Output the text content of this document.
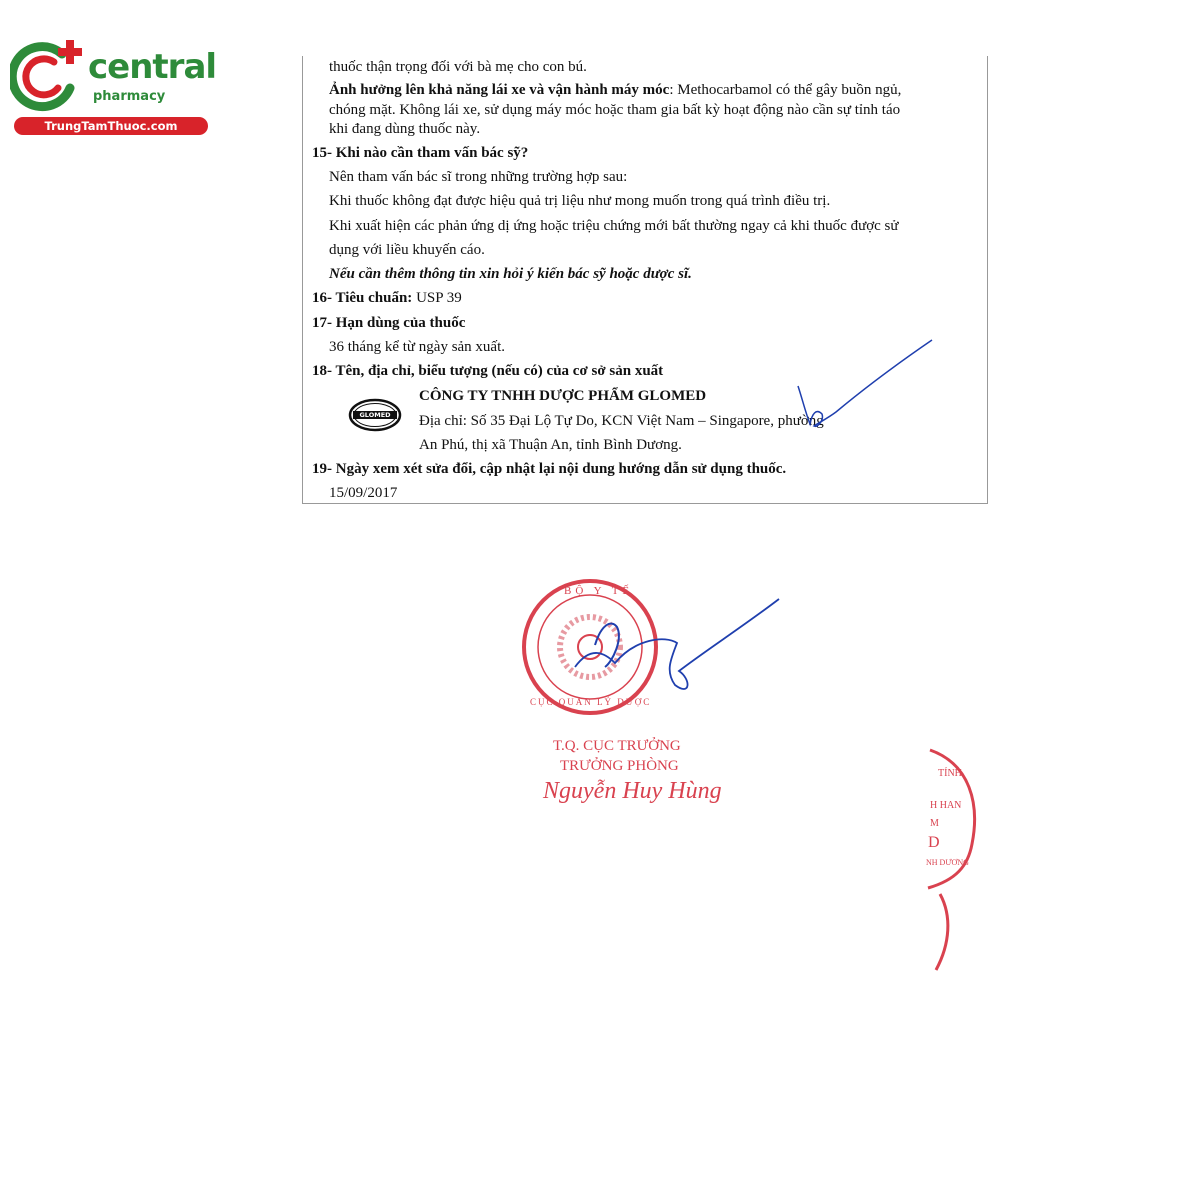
central
pharmacy
TrungTamThuoc.com
thuốc thận trọng đối với bà mẹ cho con bú.
Ảnh hưởng lên khả năng lái xe và vận hành máy móc: Methocarbamol có thể gây buồn ngủ,
chóng mặt. Không lái xe, sử dụng máy móc hoặc tham gia bất kỳ hoạt động nào cần sự tỉnh táo
khi đang dùng thuốc này.
15- Khi nào cần tham vấn bác sỹ?
Nên tham vấn bác sĩ trong những trường hợp sau:
Khi thuốc không đạt được hiệu quả trị liệu như mong muốn trong quá trình điều trị.
Khi xuất hiện các phản ứng dị ứng hoặc triệu chứng mới bất thường ngay cả khi thuốc được sử
dụng với liều khuyến cáo.
Nếu cần thêm thông tin xin hỏi ý kiến bác sỹ hoặc dược sĩ.
16- Tiêu chuẩn: USP 39
17- Hạn dùng của thuốc
36 tháng kể từ ngày sản xuất.
18- Tên, địa chỉ, biểu tượng (nếu có) của cơ sở sản xuất
GLOMED
CÔNG TY TNHH DƯỢC PHẨM GLOMED
Địa chỉ: Số 35 Đại Lộ Tự Do, KCN Việt Nam – Singapore, phường
An Phú, thị xã Thuận An, tỉnh Bình Dương.
19- Ngày xem xét sửa đổi, cập nhật lại nội dung hướng dẫn sử dụng thuốc.
15/09/2017
BỘ Y TẾ
CỤC QUẢN LÝ DƯỢC
T.Q. CỤC TRƯỞNG
TRƯỞNG PHÒNG
Nguyễn Huy Hùng
TỈNH
H HAN
M
D
NH DƯƠNG
